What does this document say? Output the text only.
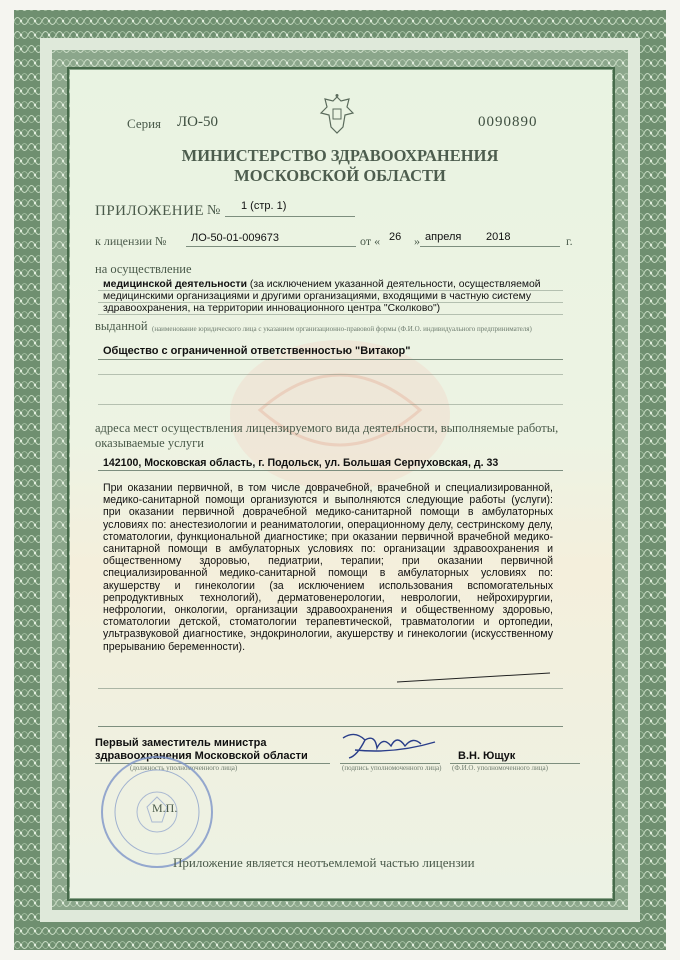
Серия ЛО-50	0090890
МИНИСТЕРСТВО ЗДРАВООХРАНЕНИЯ
МОСКОВСКОЙ ОБЛАСТИ
ПРИЛОЖЕНИЕ № 1 (стр. 1)
к лицензии № ЛО-50-01-009673	от « 26 » апреля 2018	г.
на осуществление
медицинской деятельности (за исключением указанной деятельности, осуществляемой медицинскими организациями и другими организациями, входящими в частную систему здравоохранения, на территории инновационного центра "Сколково")
выданной (наименование юридического лица с указанием организационно-правовой формы (Ф.И.О. индивидуального предпринимателя)
Общество с ограниченной ответственностью "Витакор"
адреса мест осуществления лицензируемого вида деятельности, выполняемые работы, оказываемые услуги
142100, Московская область, г. Подольск, ул. Большая Серпуховская, д. 33
При оказании первичной, в том числе доврачебной, врачебной и специализированной, медико-санитарной помощи организуются и выполняются следующие работы (услуги): при оказании первичной доврачебной медико-санитарной помощи в амбулаторных условиях по: анестезиологии и реаниматологии, операционному делу, сестринскому делу, стоматологии, функциональной диагностике; при оказании первичной врачебной медико-санитарной помощи в амбулаторных условиях по: организации здравоохранения и общественному здоровью, педиатрии, терапии; при оказании первичной специализированной медико-санитарной помощи в амбулаторных условиях по: акушерству и гинекологии (за исключением использования вспомогательных репродуктивных технологий), дерматовенерологии, неврологии, нейрохирургии, нефрологии, онкологии, организации здравоохранения и общественному здоровью, стоматологии детской, стоматологии терапевтической, травматологии и ортопедии, ультразвуковой диагностике, эндокринологии, акушерству и гинекологии (искусственному прерыванию беременности).
Первый заместитель министра
здравоохранения Московской области
(должность уполномоченного лица)	(подпись уполномоченного лица)
В.Н. Ющук
(Ф.И.О. уполномоченного лица)
М.П.
Приложение является неотъемлемой частью лицензии
